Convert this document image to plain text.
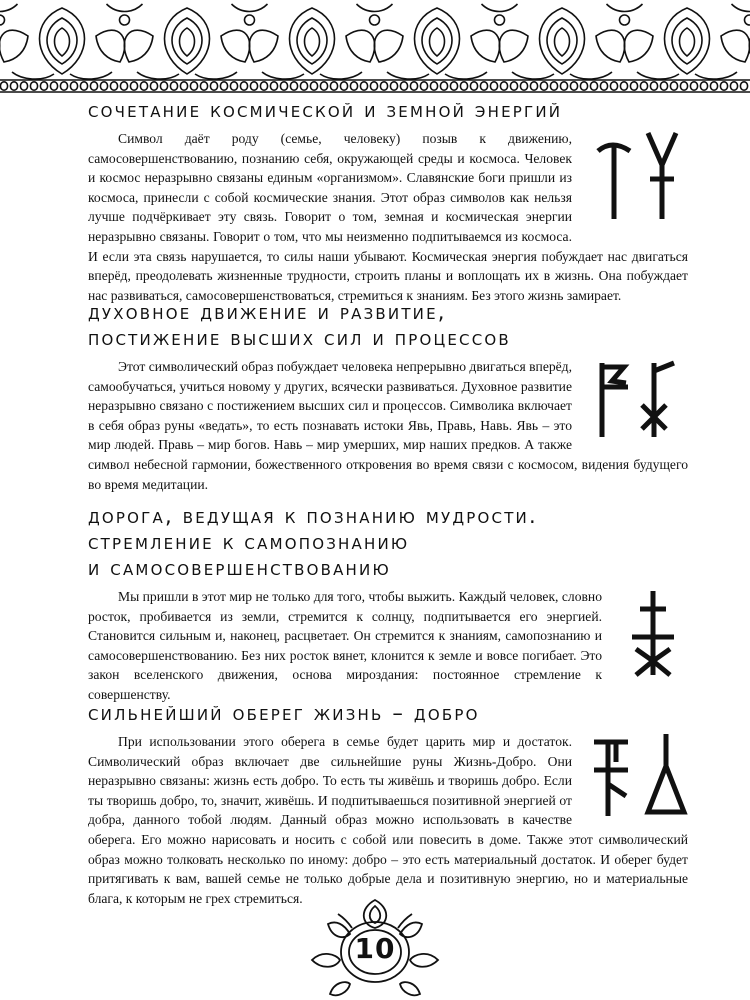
сочетание космической и земной энергий

Символ даёт роду (семье, человеку) позыв к движению, самосовершенствованию, познанию себя, окружающей среды и космоса. Человек и космос неразрывно связаны единым «организмом». Славянские боги пришли из космоса, принесли с собой космические знания. Этот образ символов как нельзя лучше подчёркивает эту связь. Говорит о том, земная и космическая энергии неразрывно связаны. Говорит о том, что мы неизменно подпитываемся из космоса. И если эта связь нарушается, то силы наши убывают. Космическая энергия побуждает нас двигаться вперёд, преодолевать жизненные трудности, строить планы и воплощать их в жизнь. Она побуждает нас развиваться, самосовершенствоваться, стремиться к знаниям. Без этого жизнь замирает.

духовное движение и развитие,
постижение высших сил и процессов

Этот символический образ побуждает человека непрерывно двигаться вперёд, самообучаться, учиться новому у других, всячески развиваться. Духовное развитие неразрывно связано с постижением высших сил и процессов. Символика включает в себя образ руны «ведать», то есть познавать истоки Явь, Правь, Навь. Явь – это мир людей. Правь – мир богов. Навь – мир умерших, мир наших предков. А также символ небесной гармонии, божественного откровения во время связи с космосом, видения будущего во время медитации.

дорога, ведущая к познанию мудрости.
стремление к самопознанию
и самосовершенствованию

Мы пришли в этот мир не только для того, чтобы выжить. Каждый человек, словно росток, пробивается из земли, стремится к солнцу, подпитывается его энергией. Становится сильным и, наконец, расцветает. Он стремится к знаниям, самопознанию и самосовершенствованию. Без них росток вянет, клонится к земле и вовсе погибает. Это закон вселенского движения, основа мироздания: постоянное стремление к совершенству.

сильнейший оберег жизнь – добро

При использовании этого оберега в семье будет царить мир и достаток. Символический образ включает две сильнейшие руны Жизнь-Добро. Они неразрывно связаны: жизнь есть добро. То есть ты живёшь и творишь добро. Если ты творишь добро, то, значит, живёшь. И подпитываешься позитивной энергией от добра, данного тобой людям. Данный образ можно использовать в качестве оберега. Его можно нарисовать и носить с собой или повесить в доме. Также этот символический образ можно толковать несколько по иному: добро – это есть материальный достаток. И оберег будет притягивать к вам, вашей семье не только добрые дела и позитивную энергию, но и материальные блага, к которым не грех стремиться.

10
